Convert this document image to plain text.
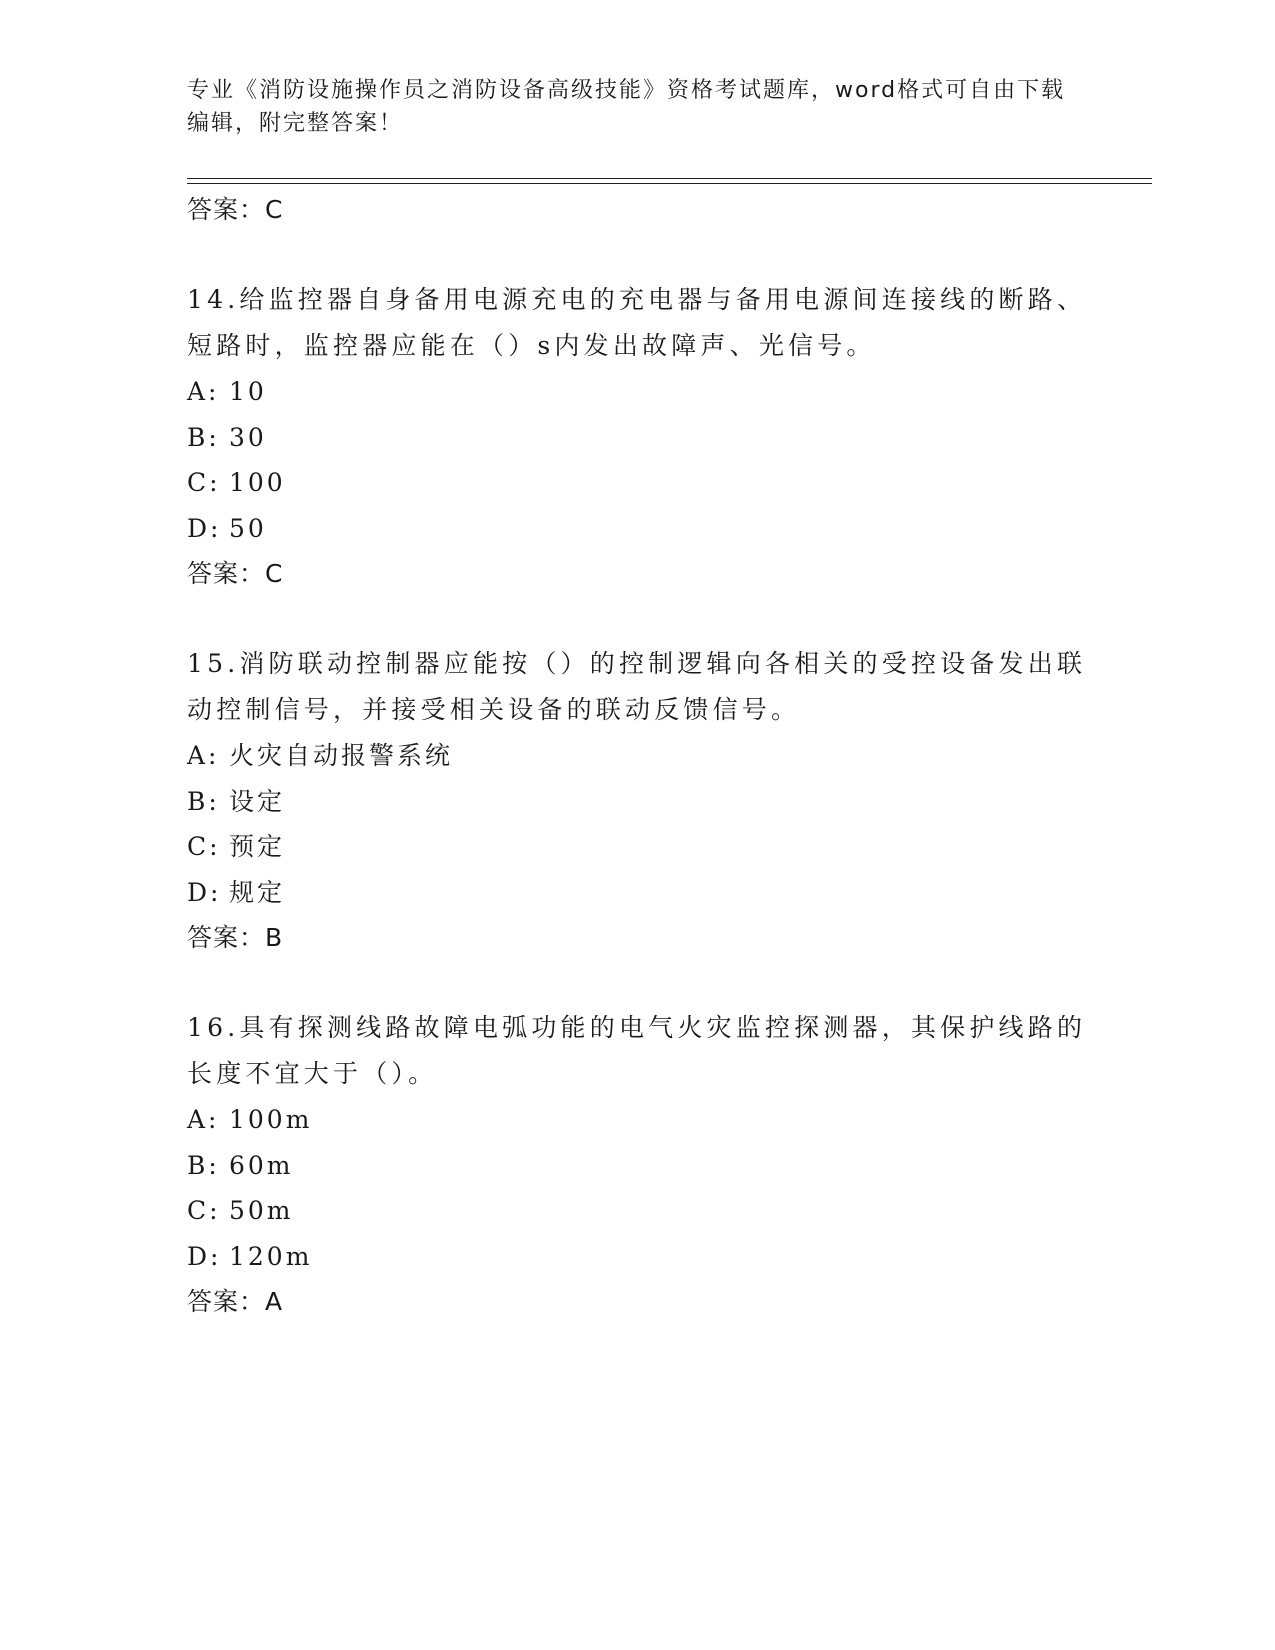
专业《消防设施操作员之消防设备高级技能》资格考试题库，word格式可自由下载编辑，附完整答案！

答案：C

14.给监控器自身备用电源充电的充电器与备用电源间连接线的断路、短路时，监控器应能在（）s内发出故障声、光信号。

A: 10
B: 30
C: 100
D: 50

答案：C

15.消防联动控制器应能按（）的控制逻辑向各相关的受控设备发出联动控制信号，并接受相关设备的联动反馈信号。

A: 火灾自动报警系统
B: 设定
C: 预定
D: 规定

答案：B

16.具有探测线路故障电弧功能的电气火灾监控探测器，其保护线路的长度不宜大于（）。

A: 100m
B: 60m
C: 50m
D: 120m

答案：A
